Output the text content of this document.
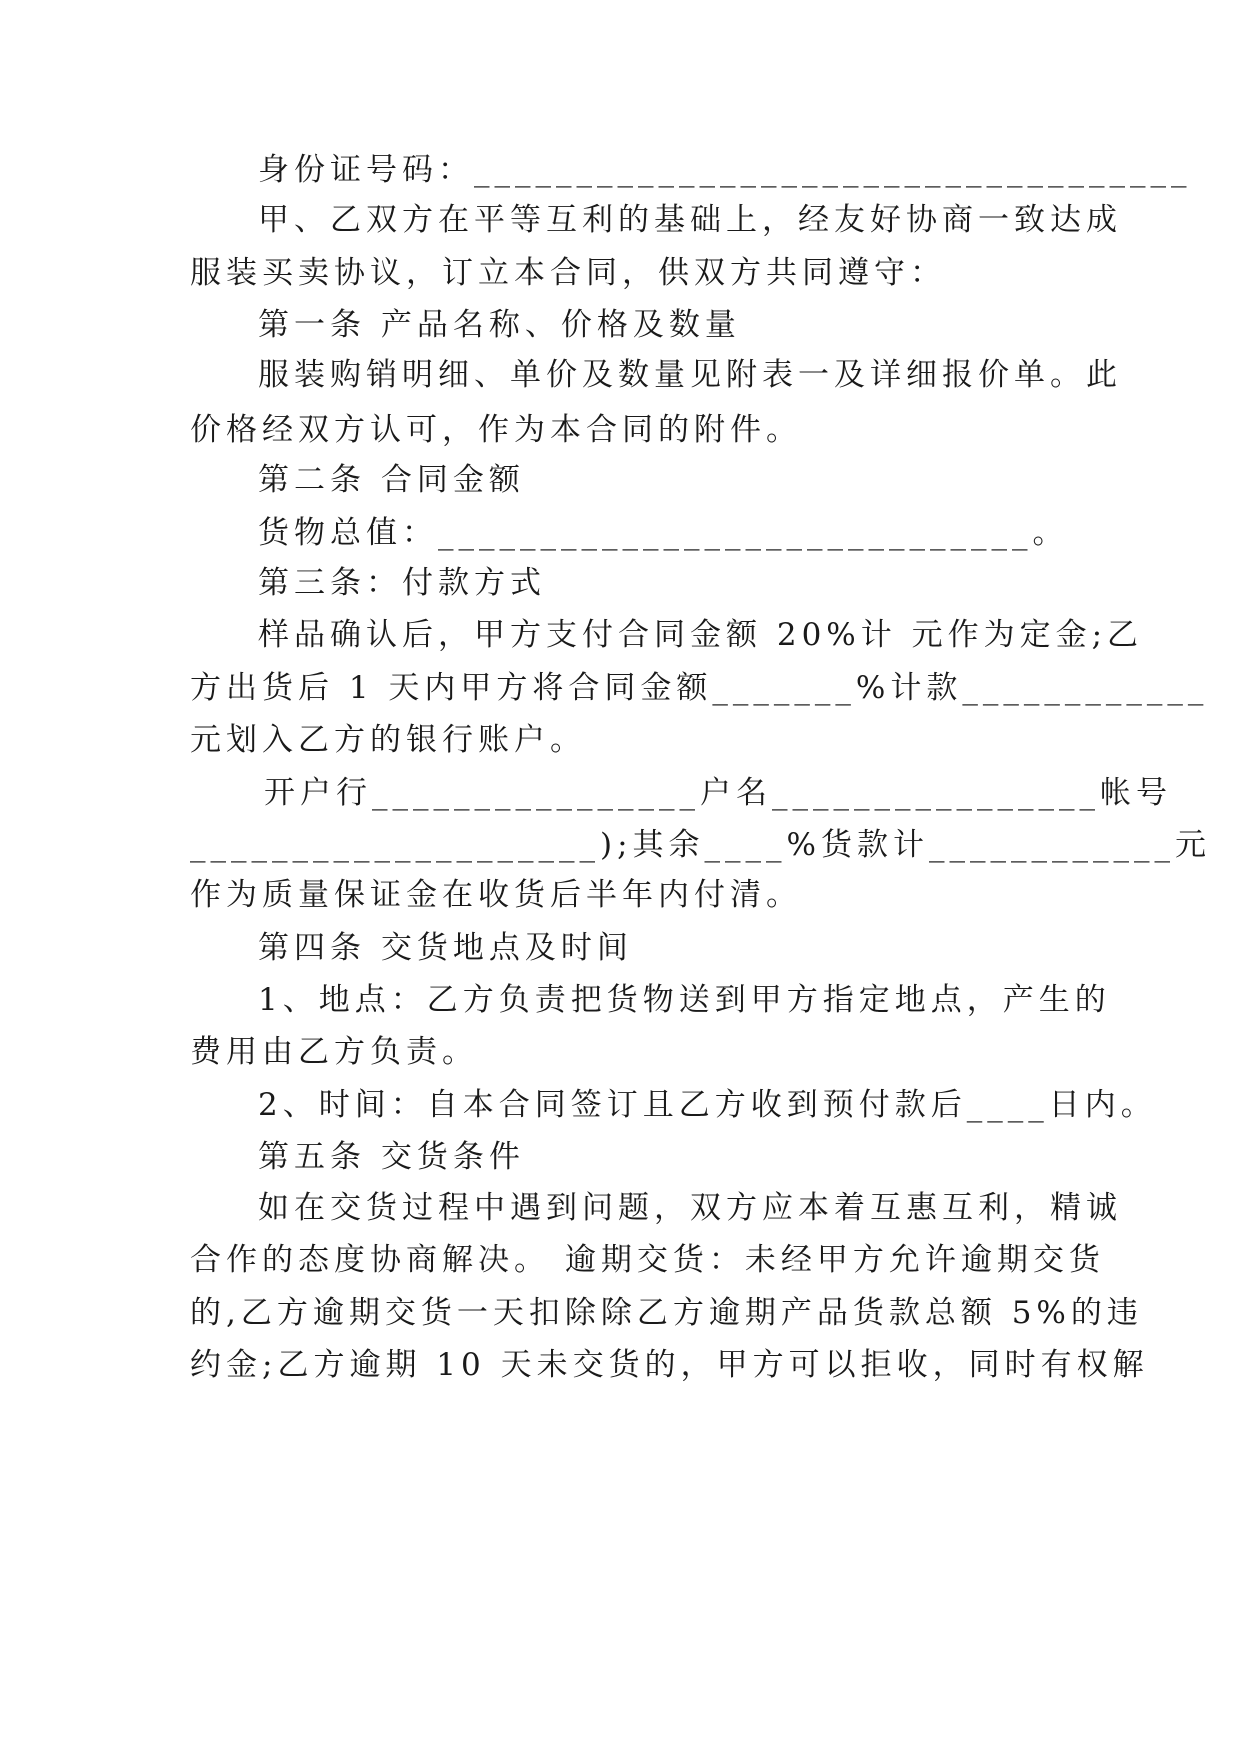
身份证号码：___________________________________
甲、乙双方在平等互利的基础上，经友好协商一致达成
服装买卖协议，订立本合同，供双方共同遵守：
第一条 产品名称、价格及数量
服装购销明细、单价及数量见附表一及详细报价单。此
价格经双方认可，作为本合同的附件。
第二条 合同金额
货物总值：_____________________________。
第三条：付款方式
样品确认后，甲方支付合同金额 20%计 元作为定金;乙
方出货后 1 天内甲方将合同金额_______%计款____________
元划入乙方的银行账户。
开户行________________户名________________帐号
____________________);其余____%货款计____________元
作为质量保证金在收货后半年内付清。
第四条 交货地点及时间
1、地点：乙方负责把货物送到甲方指定地点，产生的
费用由乙方负责。
2、时间：自本合同签订且乙方收到预付款后____日内。
第五条 交货条件
如在交货过程中遇到问题，双方应本着互惠互利，精诚
合作的态度协商解决。 逾期交货：未经甲方允许逾期交货
的,乙方逾期交货一天扣除除乙方逾期产品货款总额 5%的违
约金;乙方逾期 10 天未交货的，甲方可以拒收，同时有权解
